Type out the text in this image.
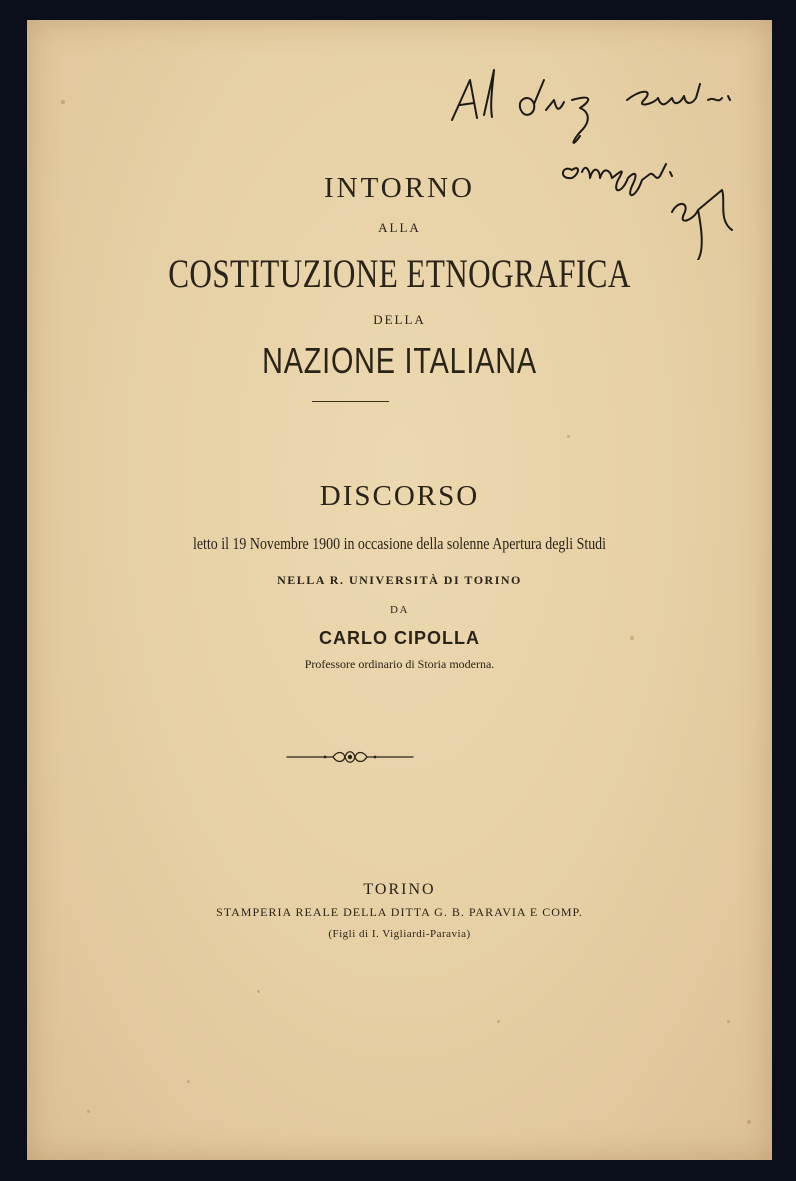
INTORNO
ALLA
COSTITUZIONE ETNOGRAFICA
DELLA
NAZIONE ITALIANA
DISCORSO
letto il 19 Novembre 1900 in occasione della solenne Apertura degli Studi
NELLA R. UNIVERSITÀ DI TORINO
DA
CARLO CIPOLLA
Professore ordinario di Storia moderna.
TORINO
STAMPERIA REALE DELLA DITTA G. B. PARAVIA E COMP.
(Figli di I. Vigliardi-Paravia)
